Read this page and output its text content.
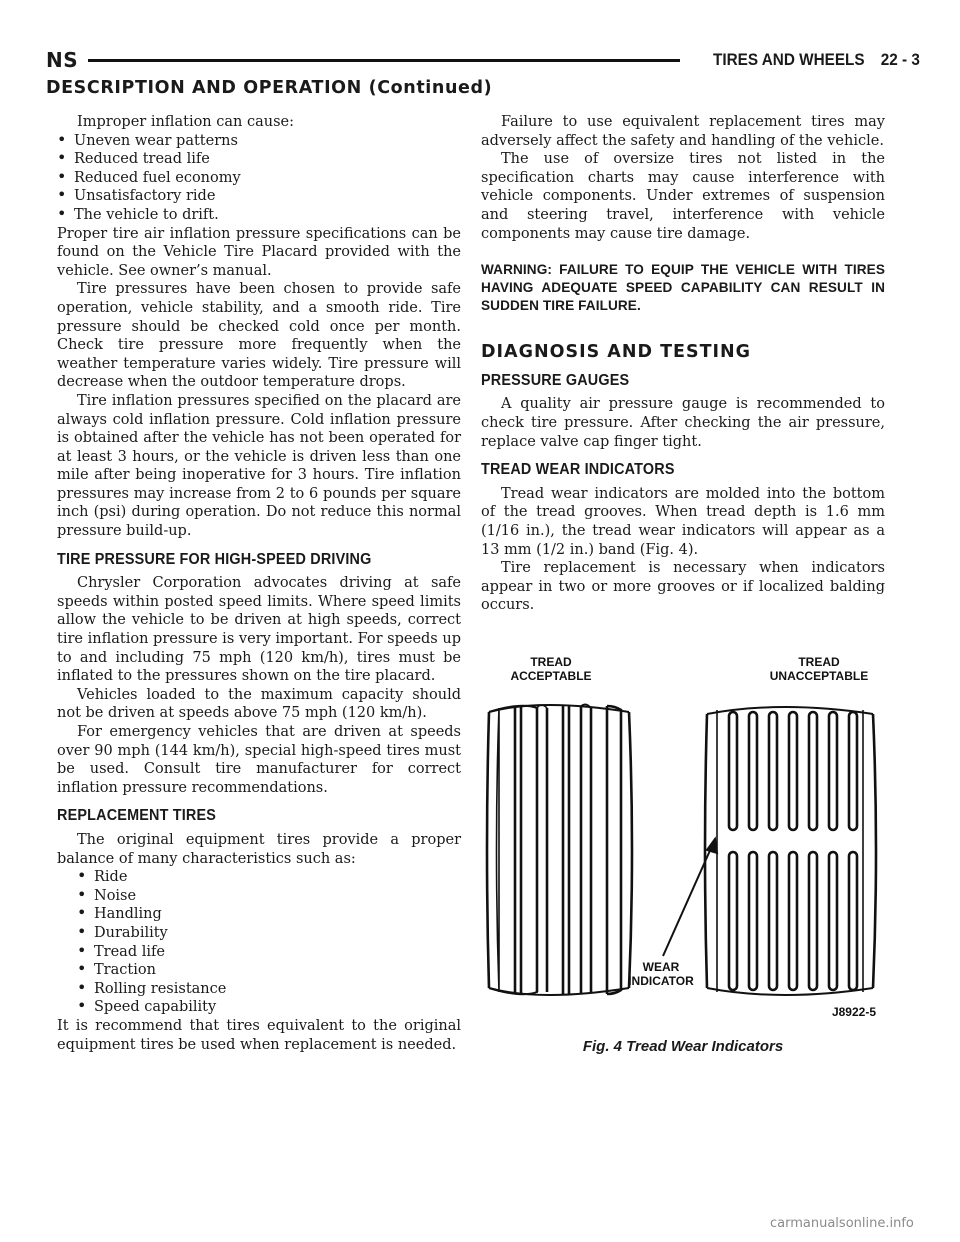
NS	TIRES AND WHEELS 22 - 3
DESCRIPTION AND OPERATION (Continued)

Improper inflation can cause:

• Uneven wear patterns
• Reduced tread life
• Reduced fuel economy
• Unsatisfactory ride
• The vehicle to drift.

Proper tire air inflation pressure specifications can be found on the Vehicle Tire Placard provided with the vehicle. See owner’s manual.

Tire pressures have been chosen to provide safe operation, vehicle stability, and a smooth ride. Tire pressure should be checked cold once per month. Check tire pressure more frequently when the weather temperature varies widely. Tire pressure will decrease when the outdoor temperature drops.

Tire inflation pressures specified on the placard are always cold inflation pressure. Cold inflation pressure is obtained after the vehicle has not been operated for at least 3 hours, or the vehicle is driven less than one mile after being inoperative for 3 hours. Tire inflation pressures may increase from 2 to 6 pounds per square inch (psi) during operation. Do not reduce this normal pressure build-up.

TIRE PRESSURE FOR HIGH-SPEED DRIVING

Chrysler Corporation advocates driving at safe speeds within posted speed limits. Where speed limits allow the vehicle to be driven at high speeds, correct tire inflation pressure is very important. For speeds up to and including 75 mph (120 km/h), tires must be inflated to the pressures shown on the tire placard.

Vehicles loaded to the maximum capacity should not be driven at speeds above 75 mph (120 km/h).

For emergency vehicles that are driven at speeds over 90 mph (144 km/h), special high-speed tires must be used. Consult tire manufacturer for correct inflation pressure recommendations.

REPLACEMENT TIRES

The original equipment tires provide a proper balance of many characteristics such as:

• Ride
• Noise
• Handling
• Durability
• Tread life
• Traction
• Rolling resistance
• Speed capability

It is recommend that tires equivalent to the original equipment tires be used when replacement is needed.

Failure to use equivalent replacement tires may adversely affect the safety and handling of the vehicle.

The use of oversize tires not listed in the specification charts may cause interference with vehicle components. Under extremes of suspension and steering travel, interference with vehicle components may cause tire damage.

WARNING: FAILURE TO EQUIP THE VEHICLE WITH TIRES HAVING ADEQUATE SPEED CAPABILITY CAN RESULT IN SUDDEN TIRE FAILURE.

DIAGNOSIS AND TESTING
PRESSURE GAUGES

A quality air pressure gauge is recommended to check tire pressure. After checking the air pressure, replace valve cap finger tight.

TREAD WEAR INDICATORS

Tread wear indicators are molded into the bottom of the tread grooves. When tread depth is 1.6 mm (1/16 in.), the tread wear indicators will appear as a 13 mm (1/2 in.) band (Fig. 4).

Tire replacement is necessary when indicators appear in two or more grooves or if localized balding occurs.

TREAD
ACCEPTABLE
TREAD
UNACCEPTABLE
WEAR
INDICATOR
J8922-5
Fig. 4 Tread Wear Indicators
carmanualsonline.info
